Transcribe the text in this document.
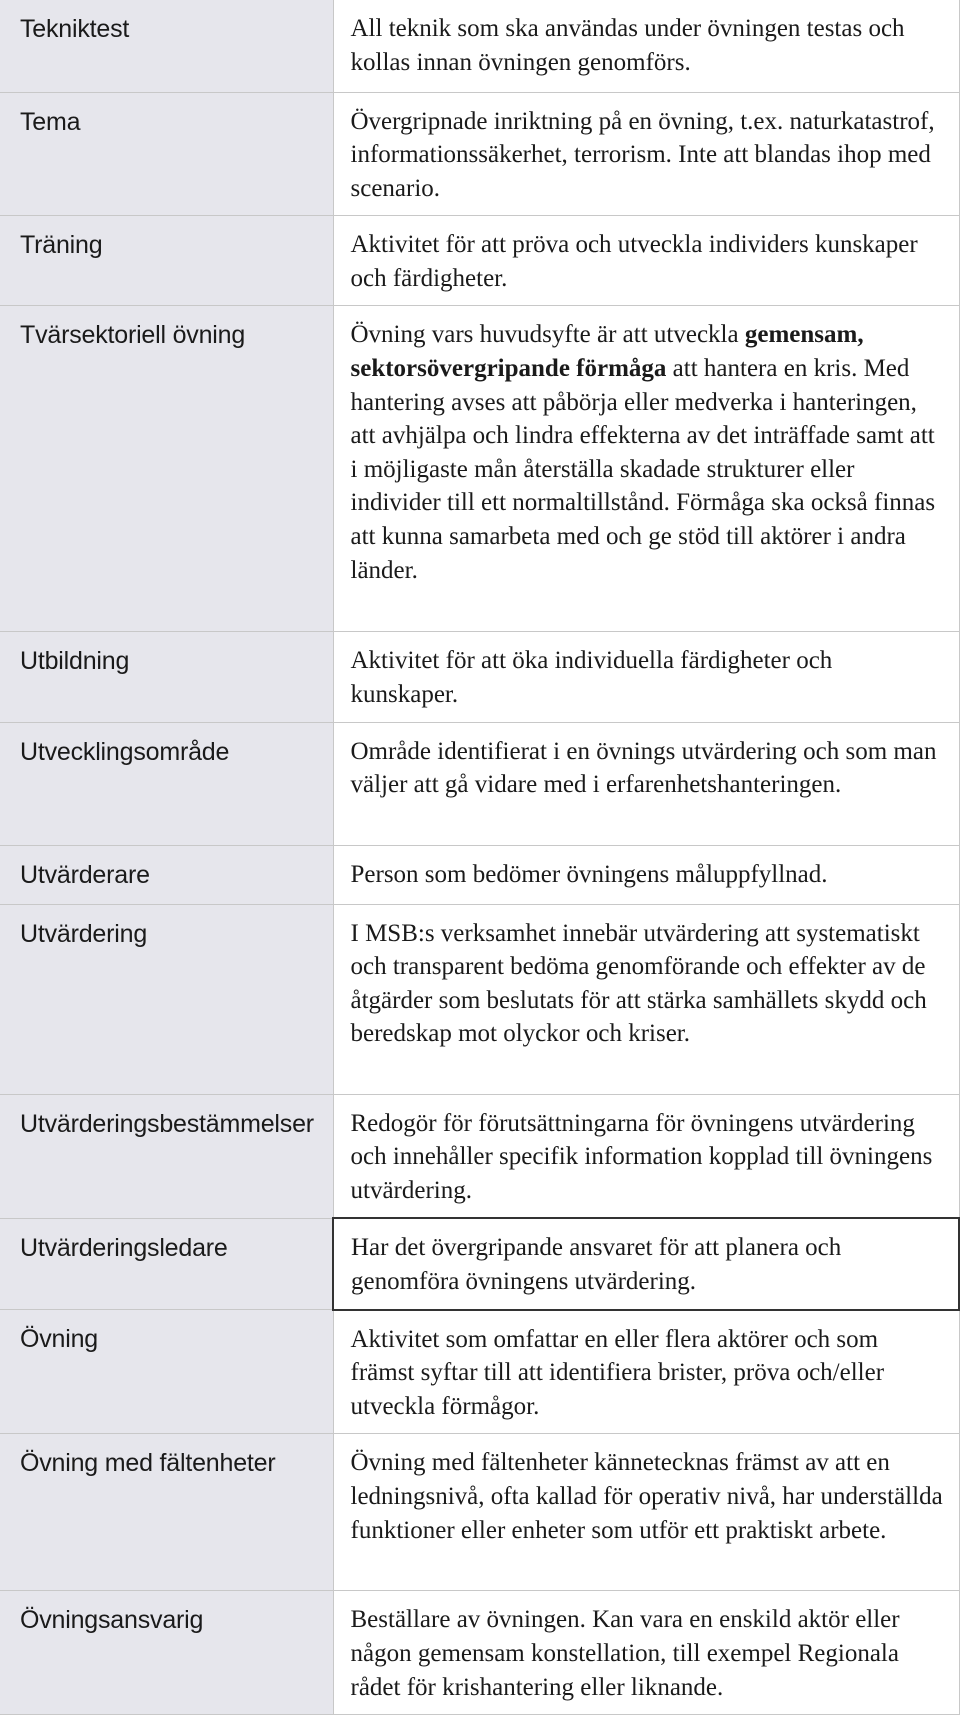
Tekniktest	All teknik som ska användas under övningen testas och kollas innan övningen genomförs.

Tema	Övergripnade inriktning på en övning, t.ex. naturkatastrof, informationssäkerhet, terrorism. Inte att blandas ihop med scenario.

Träning	Aktivitet för att pröva och utveckla individers kunskaper och färdigheter.

Tvärsektoriell övning	Övning vars huvudsyfte är att utveckla gemensam, sektorsövergripande förmåga att hantera en kris. Med hantering avses att påbörja eller medverka i hanteringen, att avhjälpa och lindra effekterna av det inträffade samt att i möjligaste mån återställa skadade strukturer eller individer till ett normaltillstånd. Förmåga ska också finnas att kunna samarbeta med och ge stöd till aktörer i andra länder.

Utbildning	Aktivitet för att öka individuella färdigheter och kunskaper.

Utvecklingsområde	Område identifierat i en övnings utvärdering och som man väljer att gå vidare med i erfarenhetshanteringen.

Utvärderare	Person som bedömer övningens måluppfyllnad.

Utvärdering	I MSB:s verksamhet innebär utvärdering att systematiskt och transparent bedöma genomförande och effekter av de åtgärder som beslutats för att stärka samhällets skydd och beredskap mot olyckor och kriser.

Utvärderingsbestämmelser	Redogör för förutsättningarna för övningens utvärdering och innehåller specifik information kopplad till övningens utvärdering.

Utvärderingsledare	Har det övergripande ansvaret för att planera och genomföra övningens utvärdering.

Övning	Aktivitet som omfattar en eller flera aktörer och som främst syftar till att identifiera brister, pröva och/eller utveckla förmågor.

Övning med fältenheter	Övning med fältenheter kännetecknas främst av att en ledningsnivå, ofta kallad för operativ nivå, har underställda funktioner eller enheter som utför ett praktiskt arbete.

Övningsansvarig	Beställare av övningen. Kan vara en enskild aktör eller någon gemensam konstellation, till exempel Regionala rådet för krishantering eller liknande.
